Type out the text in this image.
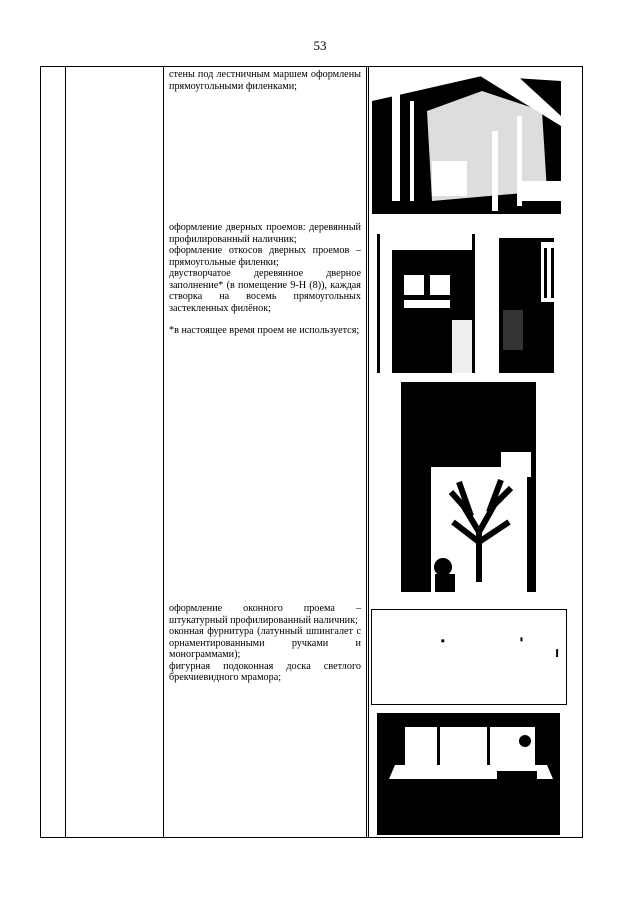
53

стены под лестничным маршем оформлены прямоугольными филенками;

оформление дверных проемов: деревянный профилированный наличник;

оформление откосов дверных проемов – прямоугольные филенки;

двустворчатое деревянное дверное заполнение* (в помещение 9-Н (8)), каждая створка на восемь прямоугольных застекленных филёнок;

*в настоящее время проем не используется;

оформление оконного проема – штукатурный профилированный наличник;

оконная фурнитура (латунный шпингалет с орнаментированными ручками и монограммами);

фигурная подоконная доска светлого брекчиевидного мрамора;
